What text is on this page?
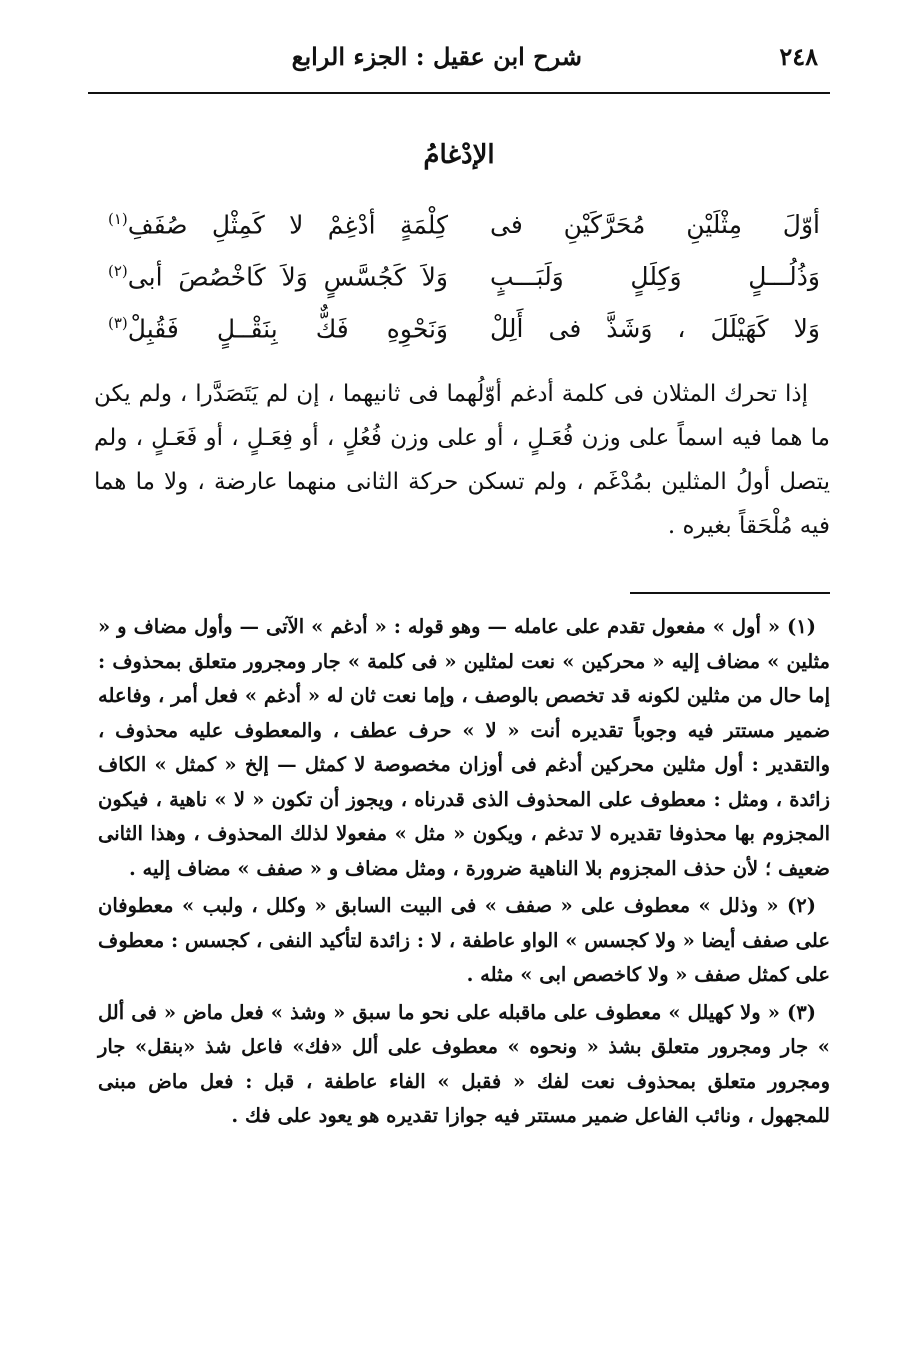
٢٤٨
شرح ابن عقيل : الجزء الرابع
الإدْغامُ
أوّلَ مِثْلَيْنِ مُحَرَّكَيْنِ فى
كِلْمَةٍ أدْغِمْ لا كَمِثْلِ صُفَفِ$^{(١)}$
وَذُلُـــلٍ وَكِلَلٍ وَلَبَـــبٍ
وَلاَ كَجُسَّسٍ وَلاَ كَاخْصُصَ أبى$^{(٢)}$
وَلا كَهَيْلَلَ ، وَشَذَّ فى أَلِلْ
وَنَحْوِهِ فَكٌّ بِنَقْــلٍ فَقُبِلْ$^{(٣)}$
إذا تحرك المثلان فى كلمة أدغم أوّلُهما فى ثانيهما ، إن لم يَتَصَدَّرا ، ولم يكن ما هما فيه اسماً على وزن فُعَـلٍ ، أو على وزن فُعُلٍ ، أو فِعَـلٍ ، أو فَعَـلٍ ، ولم يتصل أولُ المثلين بمُدْغَم ، ولم تسكن حركة الثانى منهما عارضة ، ولا ما هما فيه مُلْحَقاً بغيره .

(١) « أول » مفعول تقدم على عامله — وهو قوله : « أدغم » الآتى — وأول مضاف و « مثلين » مضاف إليه « محركين » نعت لمثلين « فى كلمة » جار ومجرور متعلق بمحذوف : إما حال من مثلين لكونه قد تخصص بالوصف ، وإما نعت ثان له « أدغم » فعل أمر ، وفاعله ضمير مستتر فيه وجوباً تقديره أنت « لا » حرف عطف ، والمعطوف عليه محذوف ، والتقدير : أول مثلين محركين أدغم فى أوزان مخصوصة لا كمثل — إلخ « كمثل » الكاف زائدة ، ومثل : معطوف على المحذوف الذى قدرناه ، ويجوز أن تكون « لا » ناهية ، فيكون المجزوم بها محذوفا تقديره لا تدغم ، ويكون « مثل » مفعولا لذلك المحذوف ، وهذا الثانى ضعيف ؛ لأن حذف المجزوم بلا الناهية ضرورة ، ومثل مضاف و « صفف » مضاف إليه .

(٢) « وذلل » معطوف على « صفف » فى البيت السابق « وكلل ، ولبب » معطوفان على صفف أيضا « ولا كجسس » الواو عاطفة ، لا : زائدة لتأكيد النفى ، كجسس : معطوف على كمثل صفف « ولا كاخصص ابى » مثله .

(٣) « ولا كهيلل » معطوف على ماقبله على نحو ما سبق « وشذ » فعل ماض « فى ألل » جار ومجرور متعلق بشذ « ونحوه » معطوف على ألل «فك» فاعل شذ «بنقل» جار ومجرور متعلق بمحذوف نعت لفك « فقبل » الفاء عاطفة ، قبل : فعل ماض مبنى للمجهول ، ونائب الفاعل ضمير مستتر فيه جوازا تقديره هو يعود على فك .
